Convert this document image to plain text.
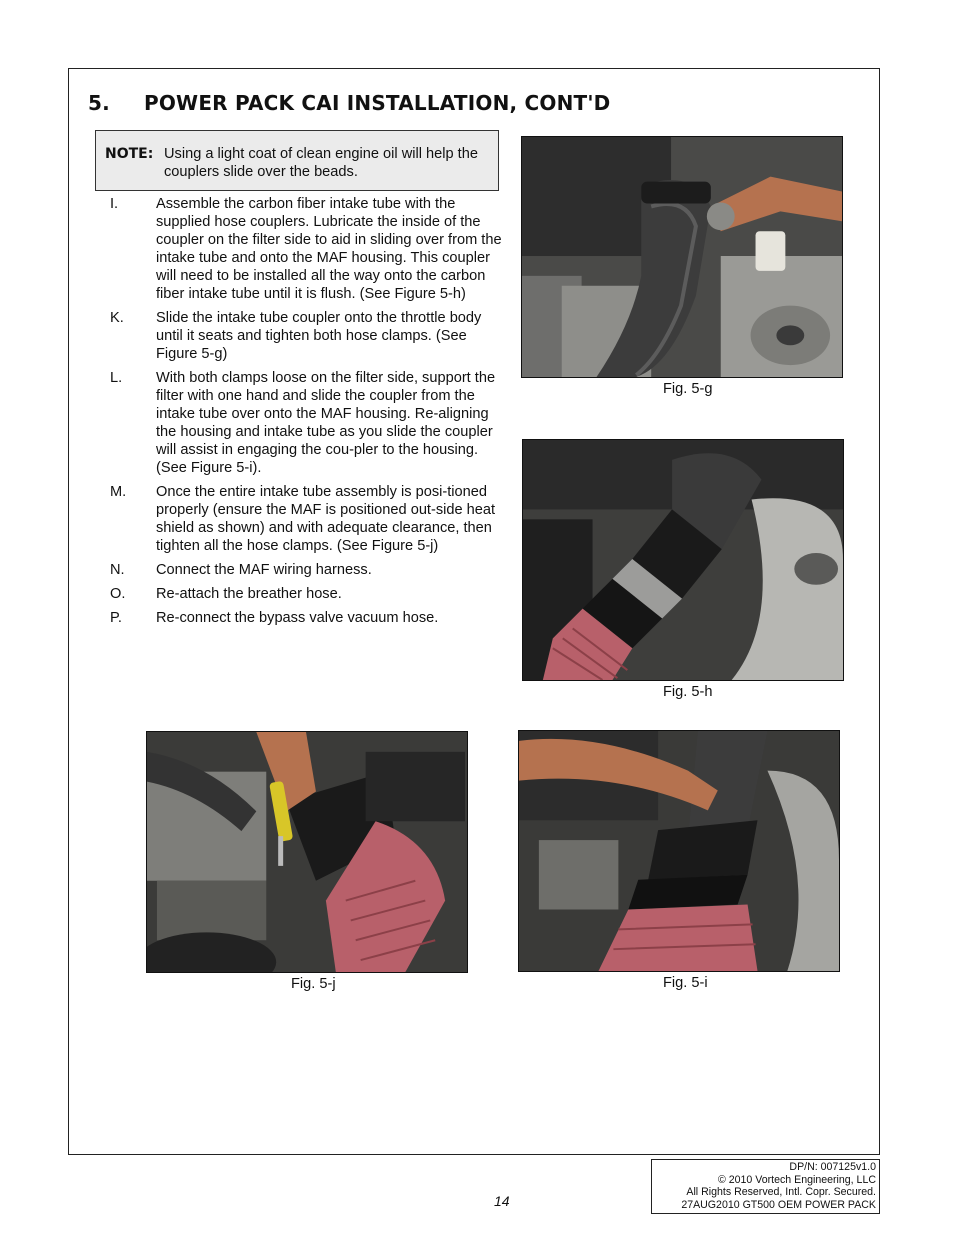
5. POWER PACK CAI INSTALLATION, CONT'D
NOTE: Using a light coat of clean engine oil will help the couplers slide over the beads.
I.	Assemble the carbon fiber intake tube with the supplied hose couplers. Lubricate the inside of the coupler on the filter side to aid in sliding over from the intake tube and onto the MAF housing. This coupler will need to be installed all the way onto the carbon fiber intake tube until it is flush. (See Figure 5-h)
K. Slide the intake tube coupler onto the throttle body until it seats and tighten both hose clamps. (See Figure 5-g)
L. With both clamps loose on the filter side, support the filter with one hand and slide the coupler from the intake tube over onto the MAF housing. Re-aligning the housing and intake tube as you slide the coupler will assist in engaging the cou-pler to the housing. (See Figure 5-i).
M. Once the entire intake tube assembly is posi-tioned properly (ensure the MAF is positioned out-side heat shield as shown) and with adequate clearance, then tighten all the hose clamps. (See Figure 5-j)
N. Connect the MAF wiring harness.
O. Re-attach the breather hose.
P. Re-connect the bypass valve vacuum hose.
Fig. 5-g
Fig. 5-h
Fig. 5-j	Fig. 5-i
14
DP/N: 007125v1.0
© 2010 Vortech Engineering, LLC
All Rights Reserved, Intl. Copr. Secured.
27AUG2010 GT500 OEM POWER PACK
